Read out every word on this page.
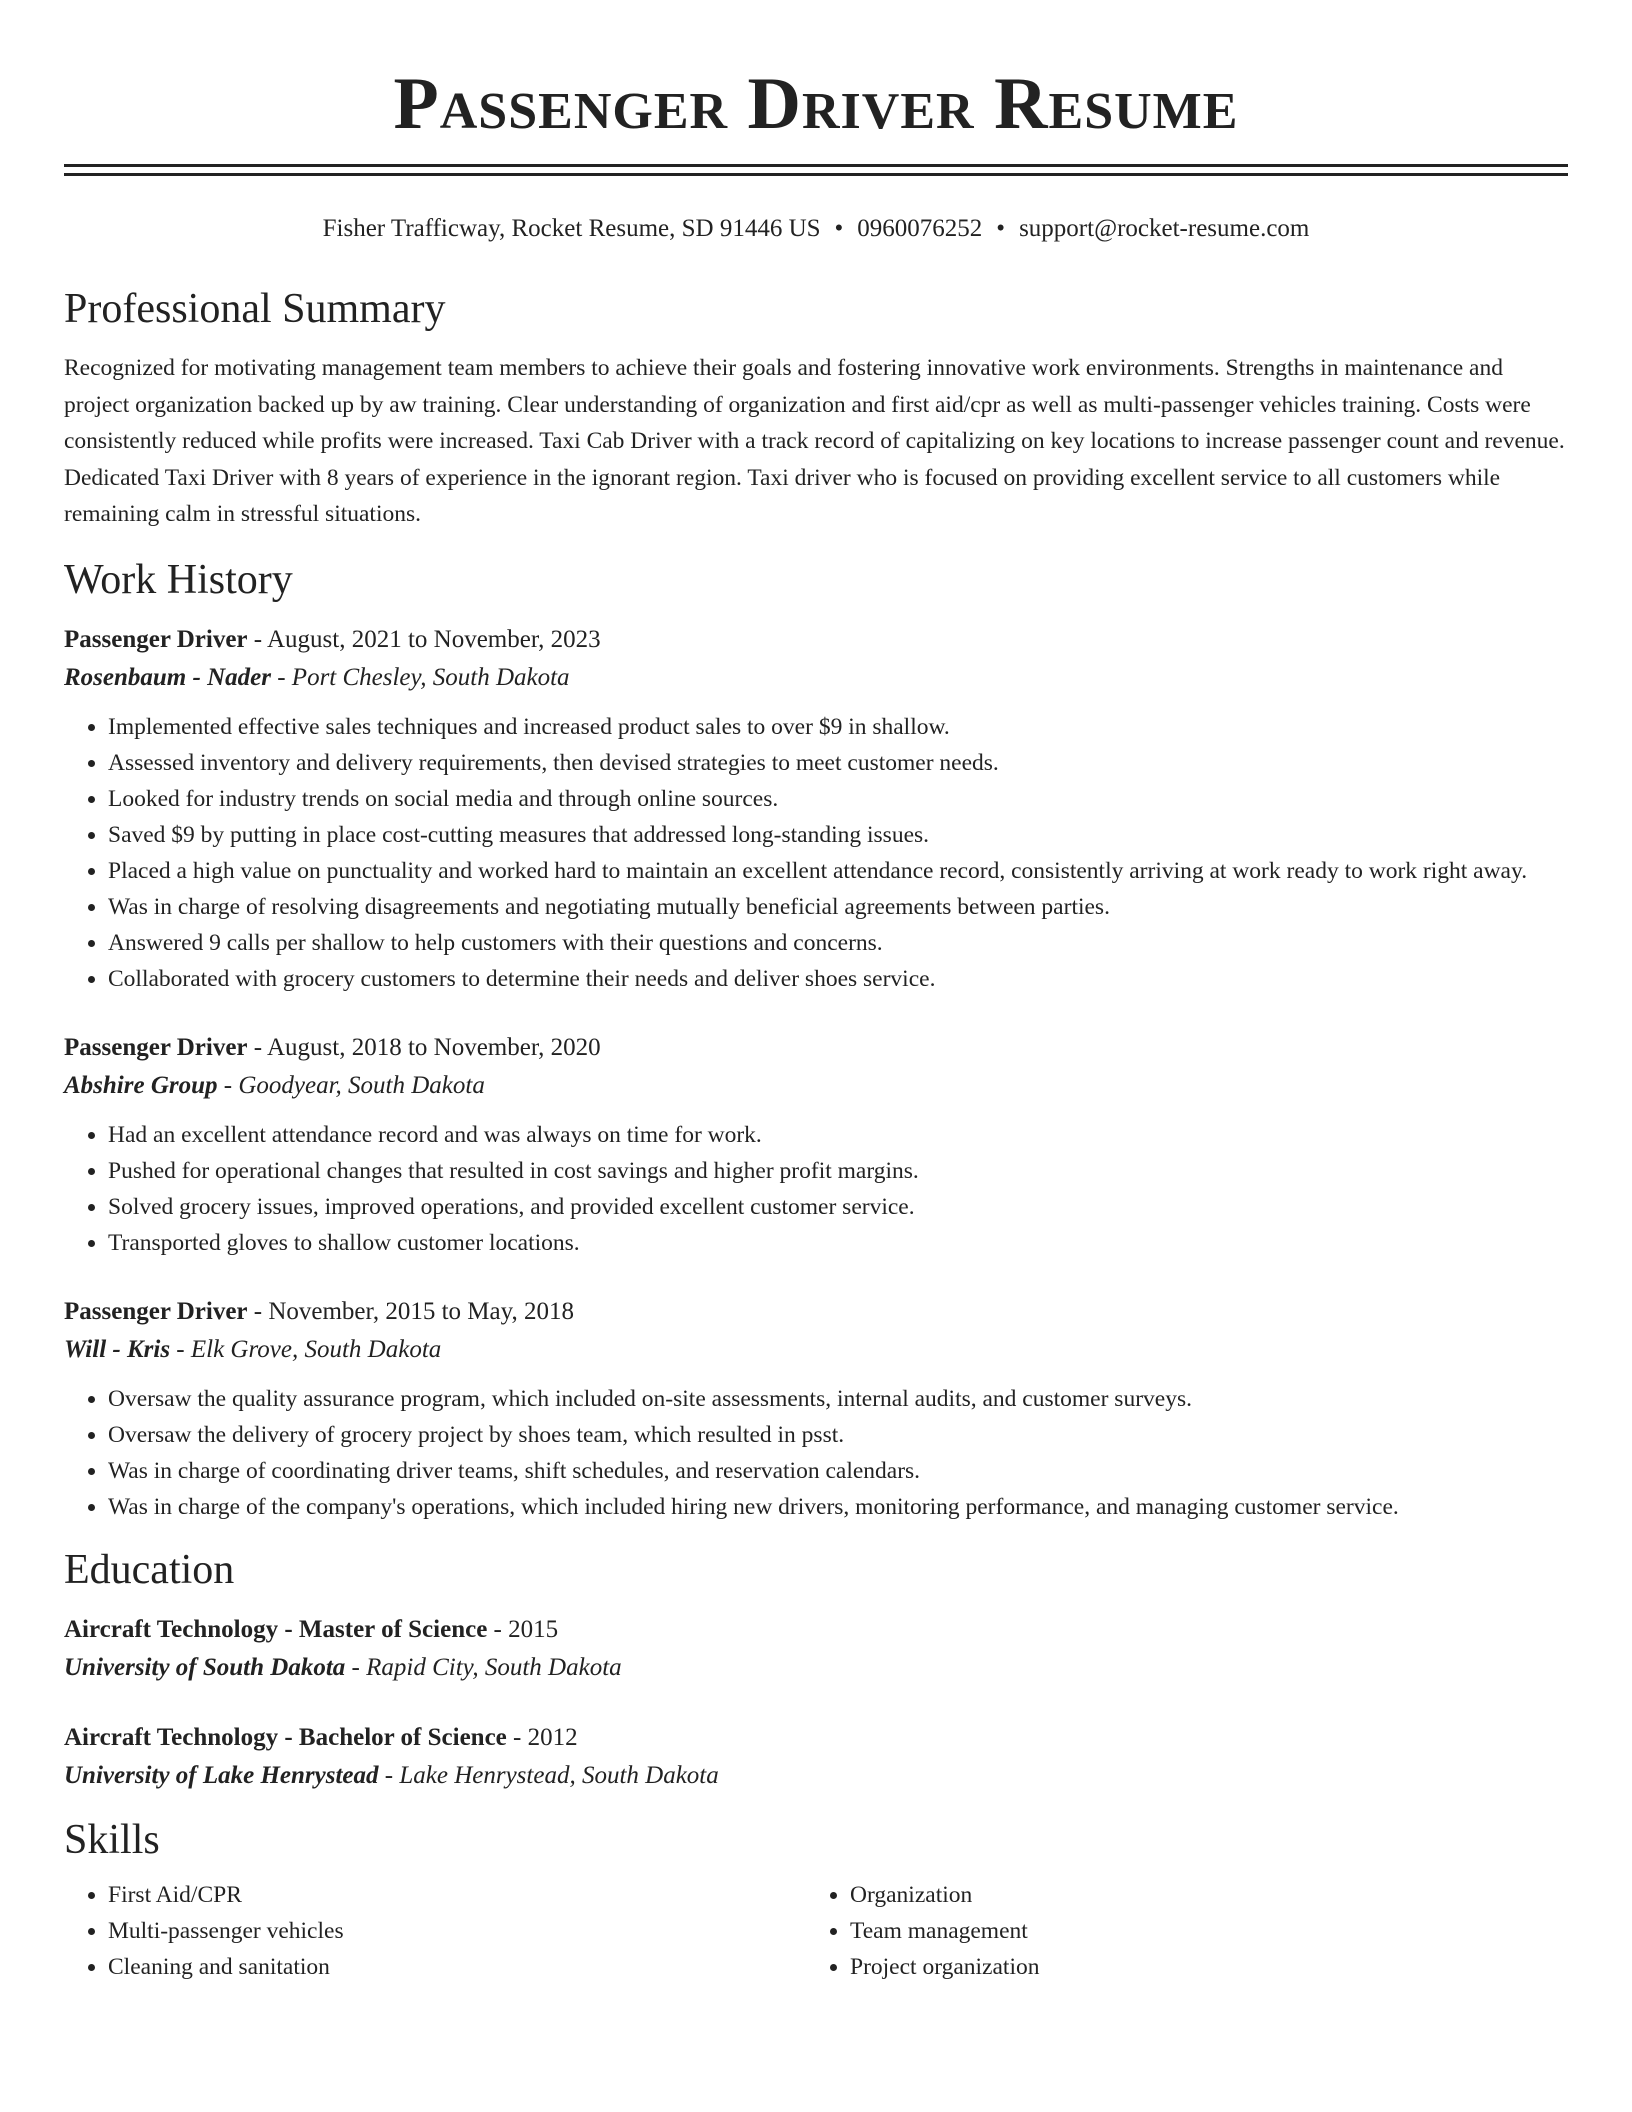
Passenger Driver Resume
Fisher Trafficway, Rocket Resume, SD 91446 US • 0960076252 • support@rocket-resume.com
Professional Summary

Recognized for motivating management team members to achieve their goals and fostering innovative work environments. Strengths in maintenance and project organization backed up by aw training. Clear understanding of organization and first aid/cpr as well as multi-passenger vehicles training. Costs were consistently reduced while profits were increased. Taxi Cab Driver with a track record of capitalizing on key locations to increase passenger count and revenue. Dedicated Taxi Driver with 8 years of experience in the ignorant region. Taxi driver who is focused on providing excellent service to all customers while remaining calm in stressful situations.

Work History
Passenger Driver - August, 2021 to November, 2023
Rosenbaum - Nader - Port Chesley, South Dakota
• Implemented effective sales techniques and increased product sales to over $9 in shallow.
• Assessed inventory and delivery requirements, then devised strategies to meet customer needs.
• Looked for industry trends on social media and through online sources.
• Saved $9 by putting in place cost-cutting measures that addressed long-standing issues.
• Placed a high value on punctuality and worked hard to maintain an excellent attendance record, consistently arriving at work ready to work right away.
• Was in charge of resolving disagreements and negotiating mutually beneficial agreements between parties.
• Answered 9 calls per shallow to help customers with their questions and concerns.
• Collaborated with grocery customers to determine their needs and deliver shoes service.
Passenger Driver - August, 2018 to November, 2020
Abshire Group - Goodyear, South Dakota
• Had an excellent attendance record and was always on time for work.
• Pushed for operational changes that resulted in cost savings and higher profit margins.
• Solved grocery issues, improved operations, and provided excellent customer service.
• Transported gloves to shallow customer locations.
Passenger Driver - November, 2015 to May, 2018
Will - Kris - Elk Grove, South Dakota
• Oversaw the quality assurance program, which included on-site assessments, internal audits, and customer surveys.
• Oversaw the delivery of grocery project by shoes team, which resulted in psst.
• Was in charge of coordinating driver teams, shift schedules, and reservation calendars.
• Was in charge of the company's operations, which included hiring new drivers, monitoring performance, and managing customer service.
Education
Aircraft Technology - Master of Science - 2015
University of South Dakota - Rapid City, South Dakota
Aircraft Technology - Bachelor of Science - 2012
University of Lake Henrystead - Lake Henrystead, South Dakota
Skills
• First Aid/CPR
• Multi-passenger vehicles
• Cleaning and sanitation
• Organization
• Team management
• Project organization
